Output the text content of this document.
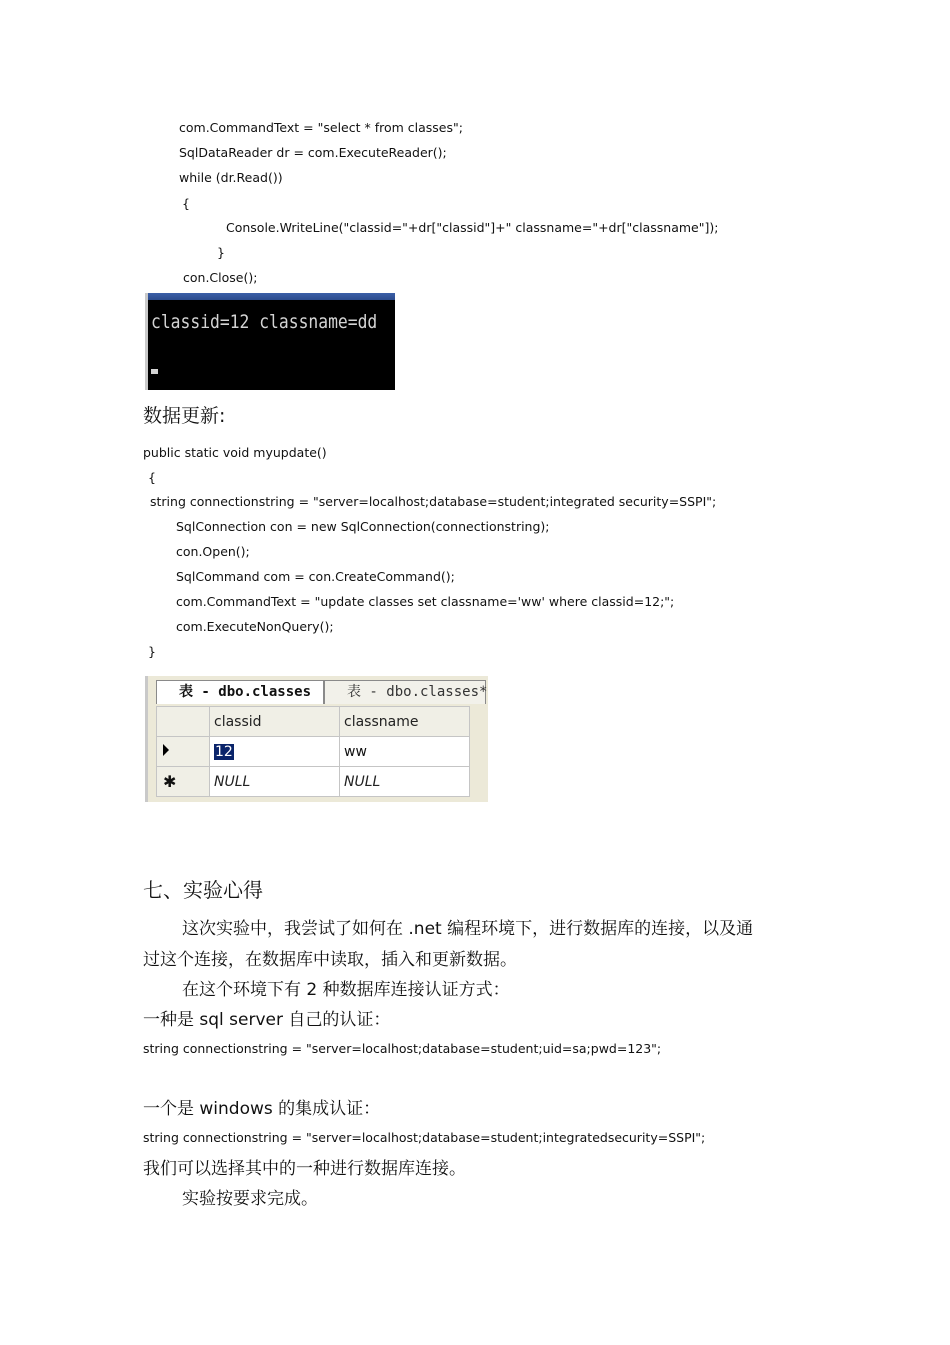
com.CommandText = "select * from classes";
SqlDataReader dr = com.ExecuteReader();
while (dr.Read())
{
Console.WriteLine("classid="+dr["classid"]+" classname="+dr["classname"]);
}
con.Close();
classid=12 classname=dd
数据更新:
public static void myupdate()
{
string connectionstring = "server=localhost;database=student;integrated security=SSPI";
SqlConnection con = new SqlConnection(connectionstring);
con.Open();
SqlCommand com = con.CreateCommand();
com.CommandText = "update classes set classname='ww' where classid=12;";
com.ExecuteNonQuery();
}
表 - dbo.classes	表 - dbo.classes*
	classid	classname
	12	ww
✱	NULL	NULL
七、实验心得
这次实验中，我尝试了如何在 .net 编程环境下，进行数据库的连接，以及通
过这个连接，在数据库中读取，插入和更新数据。
在这个环境下有 2 种数据库连接认证方式：
一种是 sql server 自己的认证：
string connectionstring = "server=localhost;database=student;uid=sa;pwd=123";
一个是 windows 的集成认证：
string connectionstring = "server=localhost;database=student;integratedsecurity=SSPI";
我们可以选择其中的一种进行数据库连接。
实验按要求完成。
